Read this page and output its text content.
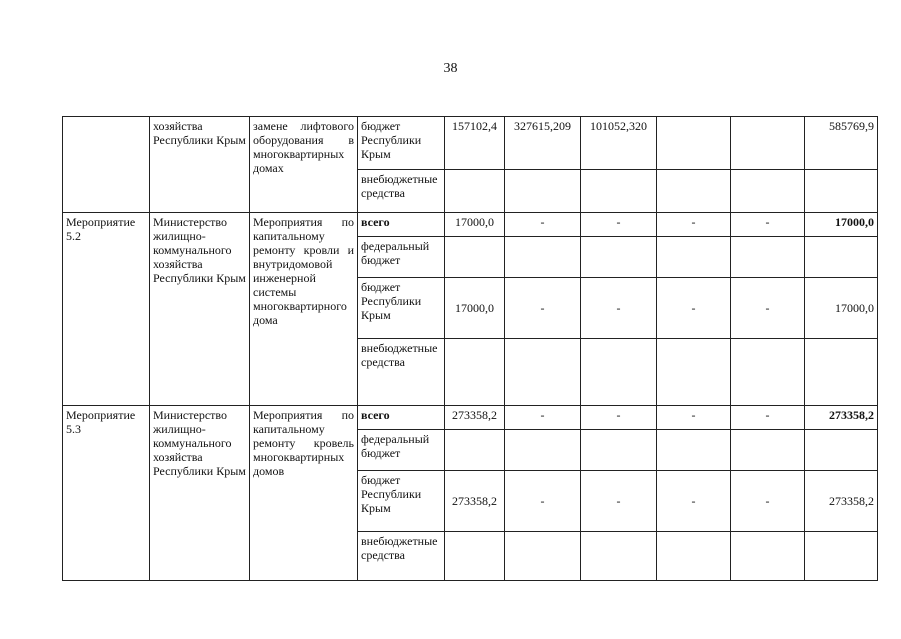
38
	хозяйства Республики Крым	замене лифтового оборудования в многоквартирных домах	бюджет Республики Крым	157102,4	327615,209	101052,320			585769,9
			внебюджетные средства						
Мероприятие 5.2	Министерство жилищно-коммунального хозяйства Республики Крым	Мероприятия по капитальному ремонту кровли и внутридомовой инженерной системы многоквартирного дома	всего	17000,0	-	-	-	-	17000,0
			федеральный бюджет						
			бюджет Республики Крым	17000,0	-	-	-	-	17000,0
			внебюджетные средства						
Мероприятие 5.3	Министерство жилищно-коммунального хозяйства Республики Крым	Мероприятия по капитальному ремонту кровель многоквартирных домов	всего	273358,2	-	-	-	-	273358,2
			федеральный бюджет						
			бюджет Республики Крым	273358,2	-	-	-	-	273358,2
			внебюджетные средства						
